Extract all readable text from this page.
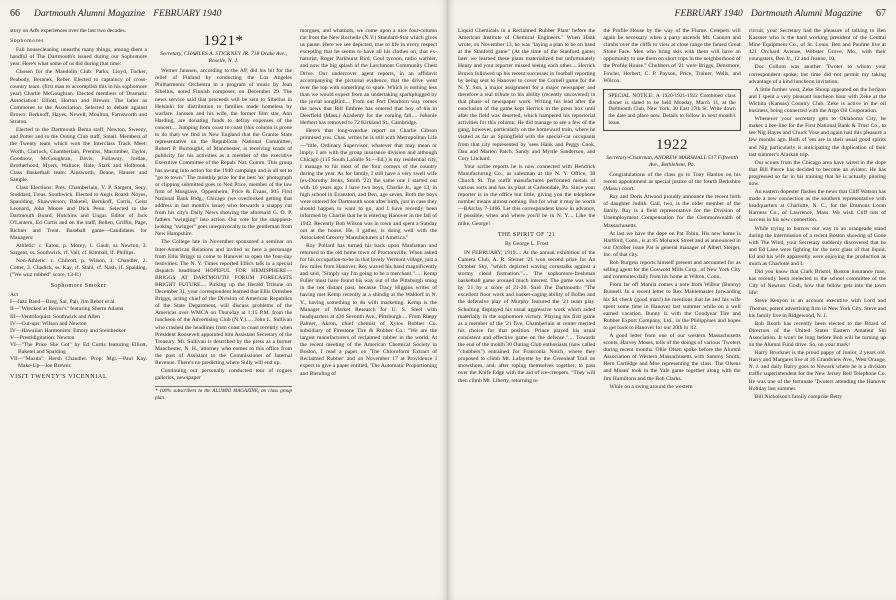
66 Dartmouth Alumni Magazine FEBRUARY 1940

story on Ad's experiences over the last two decades.

Sophomores

Fall housecleaning unearths many things, among them a handful of The Dartmouth's issued during our Sophomore year. Here's what some of us did during that time:

Chosen for the Mandolin Club: Parks, Lloyd, Tucker, Peabody, Beranek, Reber. Elected to captaincy of cross-country team. (first man to accomplish this in his sophomore year) Charlie McGoughran. Elected members of Dramatic Association: Elliott, Horton and Brewer. The latter as Commoner to the Association. Selected to debate against Brown: Berknoff, Hayes, Newell, Moulton, Farnsworth and Straton.

Elected to the Dartmouth Bema staff, Newton, Sweezy, and Potter and to the Outing Club staff, Small. Members of the Twenty team which won the Interclass Track Meet: Worth, Clarlock, Chamberlain, Prentiss, Macomber, Taylor, Goodnow, McGoughran, Davis, Fullaway, Jordan, Brotherhood, Myers, Wallace, Hale, Stark and Holbrook. Class Basketball team: Ainsworth, Deane, Hauser and Sample.

Class Elections: Pres. Chamberlain, V. P. Sargent, Secy. Stoddard, Treas. Southwick. Elected to Aegis Board: Noyes, Spaulding, Shawverson, Baketel, Bernkoff, Curtis, Geist Leonard, John Moore and Dick Penn. Selected to the Dartmouth Board, Hutchins and Ungar. Editor of Jack O'Lantern, Ed Curtis and on the staff, Bellen, Griffin, Page, Richter and Trent. Baseball game—Candidates for Managers:

Athletic: c. Eaton, p. Morey, 1. Gault, ss Newton, 3. Sargent, ss. Southwick, rf. Vail, cf. Kimball, lf. Phillips.

Non-Athletic: c. Chilcott, p. Wilson, 1. Chandler, 2. Cotter, 3. Chadick, ss. Kay, rf. Stahl, cf. Nash, lf. Spalding. ("We wuz robbed" score, 13-8.)

Sophomore Smoker
Act
I—Jazz Band—Breg, Sal, Pab, Jim Reber et al.
II—"Wrecked at Rector's" featuring Sherm Adams
III—Ventriloquist: Southwick and Allen
IV—Cut-ups: Wilson and Newton
IV—Hawaiian Harmonists: Emory and Steinbecker
V—Prestidigitation: Newton
VI—"The Price She Got" by Ed Curtis featuring Elliott, Baketel and Spalding
VII—"Mazda": Hersh Chandler. Prop. Mgr.—Paul Kay. Make-Up—Joe Brewer.
VISIT TWENTY'S VICENNIAL
1921*
Secretary, CHARLES A. STICKNEY JR. 718 Drake Ave., Roselle, N. J.

Werner Janssen, according to the AP, did his bit for the relief of Finland by conducting the Los Angeles Philharmonic Orchestra in a program of music by Jean Sibelius, noted Finnish composer, on December 29. The news service said that proceeds will be sent to Sibelius in Helsinki for distribution to families made homeless by warfare. Janssen and his wife, the former film star, Ann Harding, are donating funds to defray expenses of the concert.... Jumping from coast to coast (this column is prone to do that) we find in New England that the Granite State representative on the Republican National Committee, Robert P. Burroughs, of Manchester, is receiving scads of publicity for his activities as a member of the executive Executive Committee of the Repub. Nat. Comm. This group has swung into action for the 1940 campaign and is all set to "go to town." The monthly prize for the best 'ax' photograph or clipping submitted goes to Ned Price, member of the law firm of Musgrave, Oppenheim, Price & Evans, 905 First National Bank Bldg., Chicago (we overlooked getting that address in last month's issue) who forwards a snappy cut from his city's Daily News showing the aforesaid G. O. P. fathers "swinging" into action. Our vote for the snappiest-looking "swinger" goes unequivocally to the gentleman from New Hampshire.

The College late in November sponsored a seminar on Inter-American Relations and invited us here a personage from Ellis Briggs to come to Hanover to open the four-day festivities. The N. Y. Times reported Ellis's talk in a special dispatch headlined HOPEFUL FOR HEMISPHERE—BRIGGS AT DARTMOUTH FORUM FORECASTS BRIGHT FUTURE.... Picking up the Herald Tribune on December 31, your correspondent learned that Ellis Ormsbee Briggs, acting chief of the Division of American Republics of the State Department, will discuss problems of the Americas over WMCA on Thursday at 1:15 P.M. from the luncheon of the Advertising Club (N.Y.)..... John L. Sullivan who crashed the headlines from coast to coast recently when President Roosevelt appointed him Assistant Secretary of the Treasury. Mr. Sullivan is described by the press as a former Manchester, N. H., attorney who comes to this office from the post of Assistant to the Commissioner of Internal Revenue. There's no predicting where Sully will end up.

Continuing our personally conducted tour of rogues galleries, newspaper

* 100% subscribers to the ALUMNI MAGAZINE, on class group plan.

morgues, and whatnots, we come upon a nice four-column cut from the New Rochelle (N.Y.) Standard-Star which gives us pause. Here we see depicted, true to life in every respect excepting that he seems to have all his clothes on, that ex-naturist, Roger Parkhurst Bird, Goul tycoon, radio warbler, and now the big splash of the Larchmont Community Chest Drive. Our undercover agent reports, in an affidavit accompanying the pictorial evidence, that the drive went over the top with something to spare. Which is nothing less than we would expect from an undertaking sparkplugged by the jovial songBird.... From out Fort Dearborn way comes the news that Bill Embree has entered that boy of his in Deerfield (Mass.) Academy for the coming fall.... Johnnie Herbert has removed to 72 Kirkland St., Cambridge.

Here's that long-overdue report on Charlie Gibson promised you. Chas. writes he is still with Metropolitan Life—"title, Ordinary Supervisor, whatever that may mean or imply. I am with the group insurance division and although Chicago (115 South LaSalle St.—Ed.) is my residential city, I manage to hit most of the four corners of the country during the year. As for family, I still have a very swell wife (ex-Dorothy Jenks, Smith '22) the same one I started out with 16 years ago. I have two boys, Charlie Jr., age 13, in high school in Evanston, and Ben, age seven. Both the boys were entered for Dartmouth soon after birth, just in case they should happen to want to go, and I have recently been informed by Charlie that he is entering Hanover in the fall of 1942. Recently Bob Wilson was in town and spent a Sunday out at the house. He, I gather, is doing well with the Associated Grocery Manufacturers of America."

Roy Pollard has turned his back upon Manhattan and returned to the old home town of Proctorsville. When asked for his occupation-to-be in that lovely Vermont village, just a few miles from Hanover, Roy waved his hand magnificently and said, "Simply say I'm going to be a merchant."..... Kemp Fuller must have found his way out of the Pittsburgh smog in the not distant past, because Tracy Higgins writes of having met Kemp recently at a shindig at the Waldorf in N. Y., having something to do with marketing. Kemp is the Manager of Market Research for U. S. Steel with headquarters at 436 Seventh Ave., Pittsburgh.... From Ruepy Palmer, Akron, chief chemist of Xylos Rubber Co. subsidiary of Firestone Tire & Rubber Co.: "We are the largest manufacturers of reclaimed rubber in the world. At the recent meeting of the American Chemical Society in Boston, I read a paper on 'The Chloroform Extract of Reclaimed Rubber' and on November 17 at Providence I expect to give a paper entitled, 'The Automatic Proportioning and Blending of

FEBRUARY 1940 Dartmouth Alumni Magazine 67

Liquid Chemicals in a Reclaimed Rubber Plant' before the American Institute of Chemical Engineers." When Hank wrote, on November 13, he was "laying a plan to be on hand at the Stanford game" (At the time of the Stanford game; later we learned these plans materialized but unfortunately Henry and your reporter missed seeing each other.... Herrick Brown followed up his recent successes in football reporting by being sent to Hanover to cover the Cornell game for the N. Y. Sun, a major assignment for a major newspaper and therefore a real tribute to his ability (recently uncovered) in that phase of newspaper work. Writing his lead after the conclusion of the game kept Herrick in the press box until after the field was deserted, which hampered his reportorial activities for this column. He did manage to see a few of the gang, however, particularly on the homeward train, where he visited as far as Springfield with the special-car occupants from that city represented by 'sees Hank and Peggy Cook, Dan and Marion Patch, Sandy and Myrtle Sanderson, and Cory Litchard.

Your scribe reports he is now connected with Hendrick Manufacturing Co., as salesman at the N. Y. Office, 30 Church St. The outfit manufactures perforated metals of various sorts and has its plant at Carbondale, Pa. Since your reporter is in the office but little, giving you the telephone number means almost nothing. But for what it may be worth—BArclay 7-1466. Let this correspondent know in advance, if possible, when and where you'll be in N. Y.... Like the mike, George!

THE SPIRIT OF '21
By George L. Frost

IN FEBRUARY, 1919.... At the annual exhibition of the Camera Club, A. R. Steiner '21 won second prize for An October Sky, "which depicted waving cornstalks against a stormy cloud formation.".... The sophomore-freshman basketball game aroused much interest. The game was won by '21 by a score of 21-20. Said The Dartmouth: "The excellent floor work and basket-caging ability of Bolles and the defensive play of Murphy featured the '21 team play. Schulting displayed his usual aggressive work which aided materially in the sophomore victory. Playing his first game as a member of the '21 five, Chamberlain at center merited his choice for that position. Prince played his usual consistent and effective game on the defense.".... Towards the end of the month 30 Outing Club enthusiasts (now called "chubbers") entrained for Franconia Notch, where they proposed to climb Mt. Lafayette by the Greenleaf Trail on snowshoes, and, after roping themselves together, to pass over the Knife Edge with the aid of ice-creepers. "They will then climb Mt. Liberty, returning to

the Profile House by the way of the Flume. Creepers will again be necessary when a party ascends Mt. Cannon and climbs over the cliffs to view at close range the famed Great Stone Face. Men who bring skis with them will have an opportunity to use them on short trips in the neighborhood of the Profile House." Chubbers of '21 were Briggs, Densmore, Fowler, Herbert, C. P. Payson, Price, Trainer, Wells, and Wilcox.

SPECIAL NOTICE: A 1920-1921-1922 Combined class dinner is slated to be held Monday, March 11, at the Dartmouth Club, New York, 30 East 37th St. Write down the date and place now. Details to follow in next month's issue.
1922
Secretary-Chairman, ANDREW MARSHALL 517 Fifteenth Ave., Bethlehem, Pa.

Congratulations of the class go to Tony Hanlon on his recent appointment as special justice of the fourth Berkshire (Mass.) court.

Ray and Doris Atwood proudly announce the recent birth of daughter Judith. Gail, two, is the older member of the family. Ray is a field representative for the Division of Unemployment Compensation for the Commonwealth of Massachusetts.

At last we have the dope on Pat Tobin. His new home is Hartford, Conn., is at 85 Mohawk Street and as announced in our October issue Pat is general manager of Albert Steiger, Inc. of that city.

Bob Burgess reports himself present and accounted for as selling agent for the Goswold Mills Corp., of New York City and commutes daily from his home at Wilton, Conn.

From far off Manila comes a note from Wilbur (Bunny) Bunnell. In a recent letter to Rex Mahlemaster forwarding his $4 check (good man!) he mentions that he and his wife spent some time in Hanover last summer while on a well earned vacation. Bunny is with the Goodyear Tire and Rubber Export Company, Ltd., in the Philippines and hopes to get back to Hanover for our 20th in '42.

A good letter from one of our western Massachusetts scouts, Harvey Moses, tells of the doings of various 'Twoters during recent months. Ollie Olsen spoke before the Alumni Association of Western Massachusetts with Sammy Smith, Hern Cartlidge and Moe representing the class. The Olsens and Moses' took in the Yale game together along with the Jim Hamiltons and the Bob Clarks.

While on a swing around the western

circuit, your Secretary had the pleasure of talking to Ben Kassner who is the hard working president of the Central Mine Equipment Co., of St. Louis. Ben and Pauline live at 421 Orchard Avenue, Webster Grove, Mo., with their youngsters, Ben Jr., 12 and Jeanne, 10.

Doc Collom was another 'Twoter to whom your correspondent spoke, but time did not permit my taking advantage of a kind luncheon invitation.

A little further west, Zeke Shoup appeared on the horizon and I spent a very pleasant luncheon hour with Zeke at the Wichita (Kansas) Country Club. Zeke is active in the oil business, being connected with the Argo Oil Corporation.

Whenever your secretary gets to Oklahoma City, he makes a bee-line for the First National Bank & Trust Co., to see Nig Hayes and Chuck Vose and again had this pleasure a few months ago. Both of 'em are in their usual good spirits and Nig particularly is anticipating the duplication of their last summer's Alaskan trip.

Our scouts from the Chicago area have wired in the dope that Bill Pierce has decided to become an aviator. He has progressed so far in his training that he is actually piloting now.

An eastern dopester flashes the news that Cliff Watson has made a new connection as the southern representative with headquarters at Charlotte, N. C., for the Emmons Loom Harness Co., of Lawrence, Mass. We wish Cliff lots of success in his new connection.

While trying to burrow our way to an orangeade stand during the intermission of a recent Boston showing of Gone with The Wind, your Secretary suddenly discovered that he and Ed Lane were fighting for the next glass of that liquid. Ed and his wife apparently were enjoying the production as much as Charlotte and I.

Did you know that Clark Bristol, Boston insurance man, has recently been reelected to the school committee of the City of Newton. Gosh, how that fellow gets into the town life!

Steve Kenyon is an account executive with Lord and Thomas, potent advertising firm in New York City. Steve and his family live in Ridgewood, N. J.

Bob Booth has recently been elected to the Board of Directors of the United States Eastern Amateur Ski Association. It won't be long before Bob will be turning up on the Alumni Fund drive. So, on your mark!

Harry Bruckner is the proud pappy of Junior, 2 years old. Harry and Margaret live at 16 Grandview Ave., West Orange, N. J. and daily Harry goes to Newark where he is a division traffic superintendent for the New Jersey Bell Telephone Co. He was one of the fortunate 'Twoters attending the Hanover Holiday last summer.

Bill Nicholson's family comprise Betty
